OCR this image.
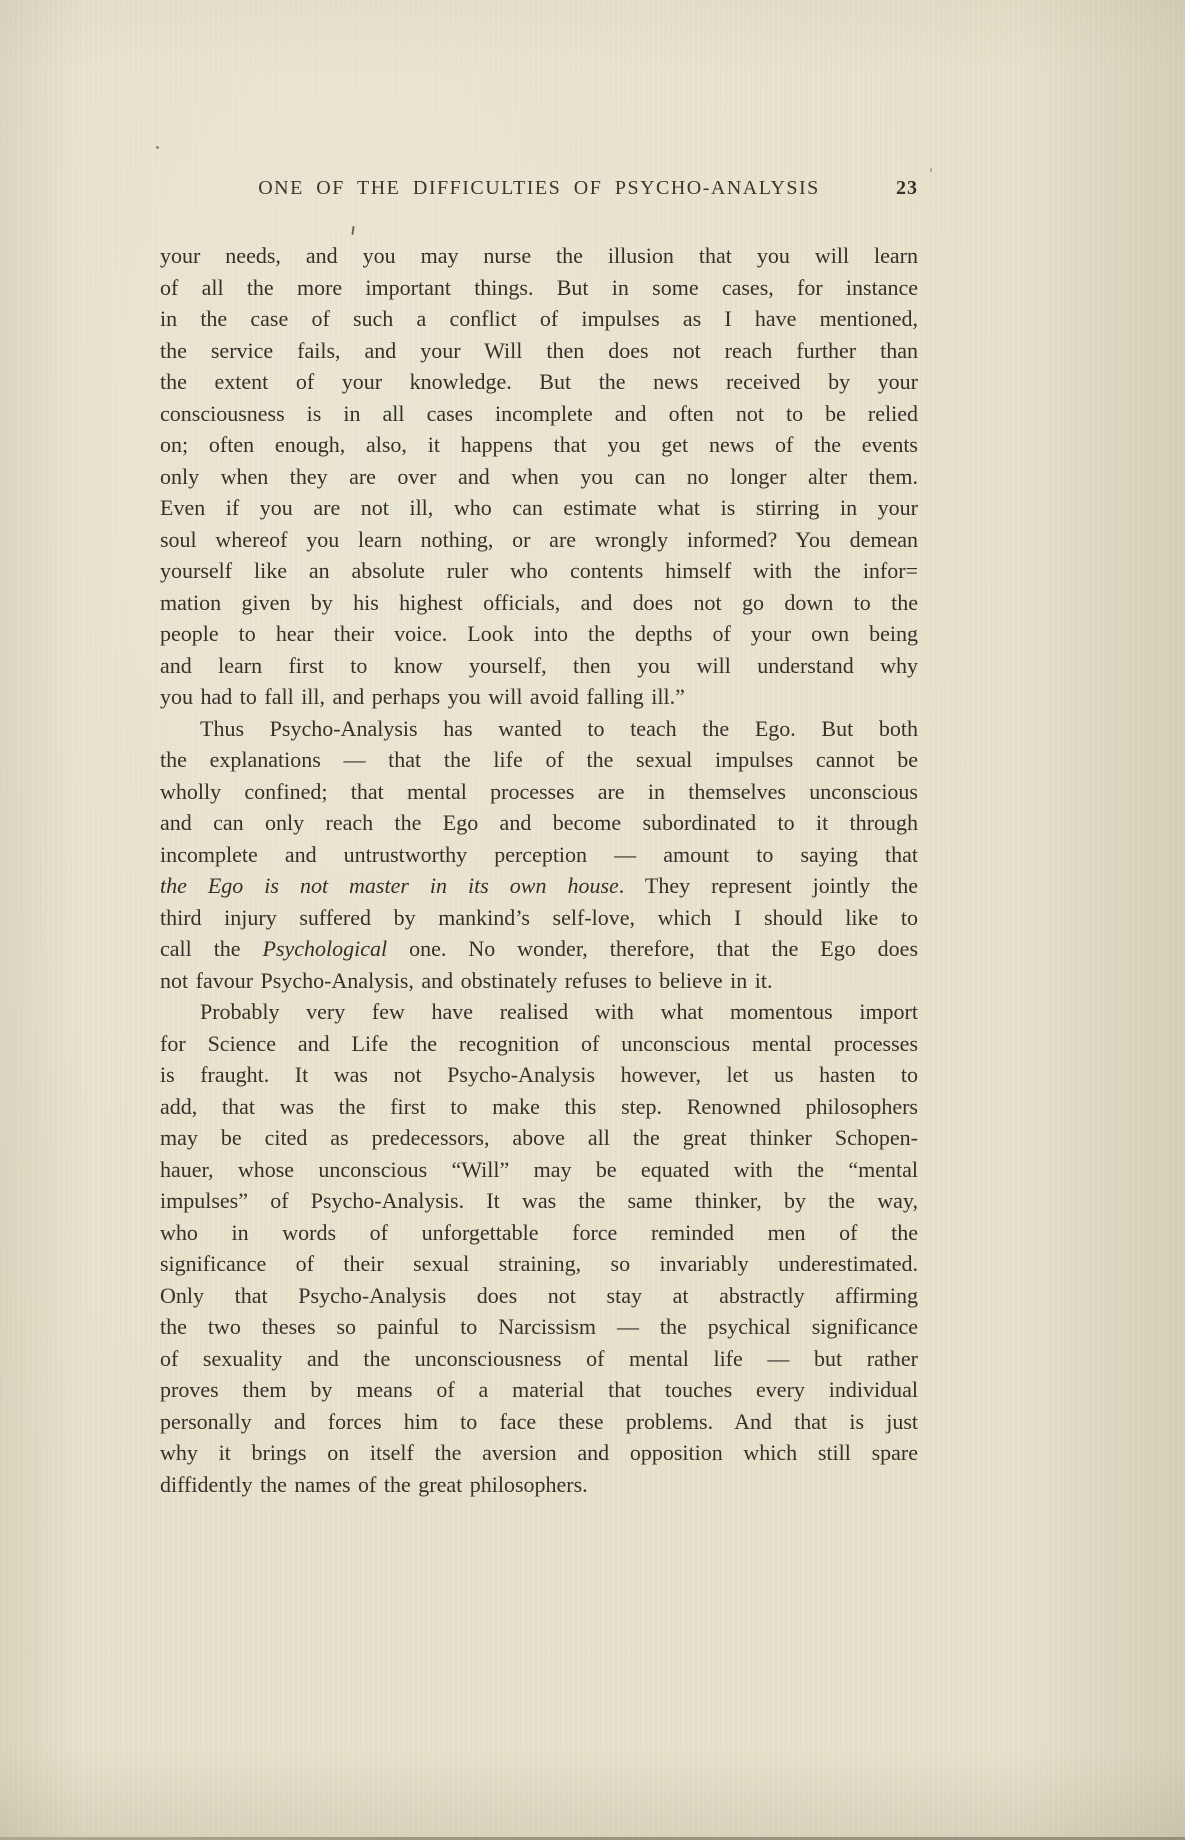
ONE OF THE DIFFICULTIES OF PSYCHO-ANALYSIS	23
your needs, and you may nurse the illusion that you will learn
of all the more important things. But in some cases, for instance
in the case of such a conflict of impulses as I have mentioned,
the service fails, and your Will then does not reach further than
the extent of your knowledge. But the news received by your
consciousness is in all cases incomplete and often not to be relied
on; often enough, also, it happens that you get news of the events
only when they are over and when you can no longer alter them.
Even if you are not ill, who can estimate what is stirring in your
soul whereof you learn nothing, or are wrongly informed? You demean
yourself like an absolute ruler who contents himself with the infor=
mation given by his highest officials, and does not go down to the
people to hear their voice. Look into the depths of your own being
and learn first to know yourself, then you will understand why
you had to fall ill, and perhaps you will avoid falling ill.”
Thus Psycho-Analysis has wanted to teach the Ego. But both
the explanations — that the life of the sexual impulses cannot be
wholly confined; that mental processes are in themselves unconscious
and can only reach the Ego and become subordinated to it through
incomplete and untrustworthy perception — amount to saying that
the Ego is not master in its own house. They represent jointly the
third injury suffered by mankind’s self-love, which I should like to
call the Psychological one. No wonder, therefore, that the Ego does
not favour Psycho-Analysis, and obstinately refuses to believe in it.
Probably very few have realised with what momentous import
for Science and Life the recognition of unconscious mental processes
is fraught. It was not Psycho-Analysis however, let us hasten to
add, that was the first to make this step. Renowned philosophers
may be cited as predecessors, above all the great thinker Schopen-
hauer, whose unconscious “Will” may be equated with the “mental
impulses” of Psycho-Analysis. It was the same thinker, by the way,
who in words of unforgettable force reminded men of the
significance of their sexual straining, so invariably underestimated.
Only that Psycho-Analysis does not stay at abstractly affirming
the two theses so painful to Narcissism — the psychical significance
of sexuality and the unconsciousness of mental life — but rather
proves them by means of a material that touches every individual
personally and forces him to face these problems. And that is just
why it brings on itself the aversion and opposition which still spare
diffidently the names of the great philosophers.
